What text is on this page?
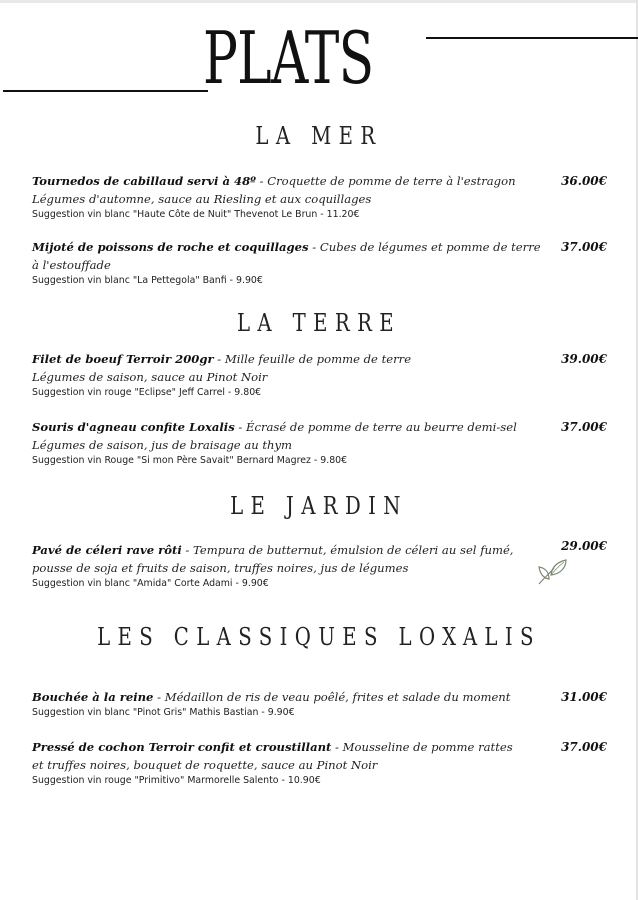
PLATS
LA MER
Tournedos de cabillaud servi à 48º - Croquette de pomme de terre à l'estragon
Légumes d'automne, sauce au Riesling et aux coquillages
Suggestion vin blanc "Haute Côte de Nuit" Thevenot Le Brun - 11.20€
36.00€
Mijoté de poissons de roche et coquillages - Cubes de légumes et pomme de terre
à l'estouffade
Suggestion vin blanc "La Pettegola" Banfi - 9.90€
37.00€
LA TERRE
Filet de boeuf Terroir 200gr - Mille feuille de pomme de terre
Légumes de saison, sauce au Pinot Noir
Suggestion vin rouge "Eclipse" Jeff Carrel - 9.80€
39.00€
Souris d'agneau confite Loxalis - Écrasé de pomme de terre au beurre demi-sel
Légumes de saison, jus de braisage au thym
Suggestion vin Rouge "Si mon Père Savait" Bernard Magrez - 9.80€
37.00€
LE JARDIN
Pavé de céleri rave rôti - Tempura de butternut, émulsion de céleri au sel fumé,
pousse de soja et fruits de saison, truffes noires, jus de légumes
Suggestion vin blanc "Amida" Corte Adami - 9.90€
29.00€
LES CLASSIQUES LOXALIS
Bouchée à la reine - Médaillon de ris de veau poêlé, frites et salade du moment
Suggestion vin blanc "Pinot Gris" Mathis Bastian - 9.90€
31.00€
Pressé de cochon Terroir confit et croustillant - Mousseline de pomme rattes
et truffes noires, bouquet de roquette, sauce au Pinot Noir
Suggestion vin rouge "Primitivo" Marmorelle Salento - 10.90€
37.00€
